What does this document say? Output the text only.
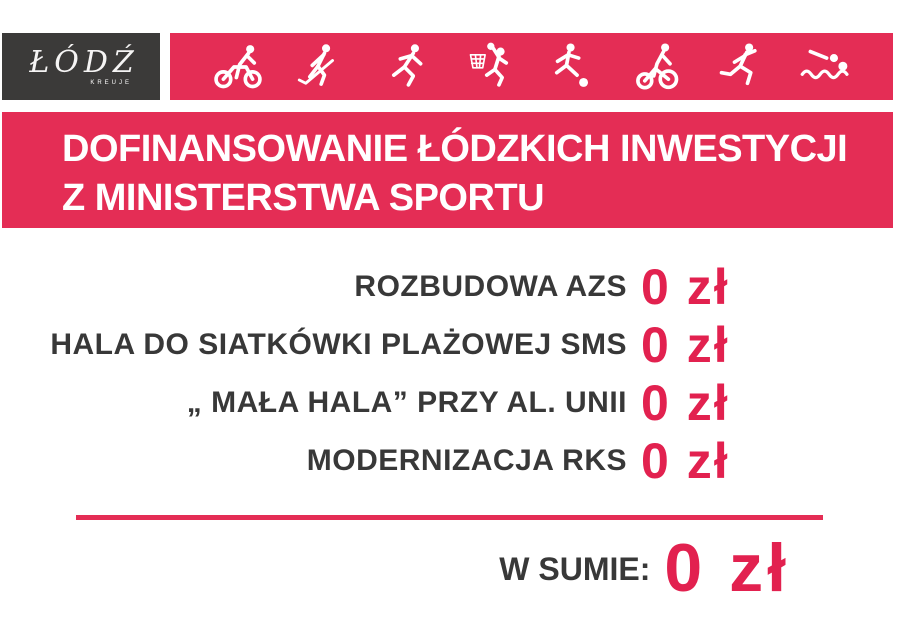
ŁÓDŹ
KREUJE
DOFINANSOWANIE ŁÓDZKICH INWESTYCJI
Z MINISTERSTWA SPORTU
ROZBUDOWA AZS 0 zł
HALA DO SIATKÓWKI PLAŻOWEJ SMS 0 zł
„ MAŁA HALA” PRZY AL. UNII 0 zł
MODERNIZACJA RKS 0 zł
W SUMIE: 0 zł
